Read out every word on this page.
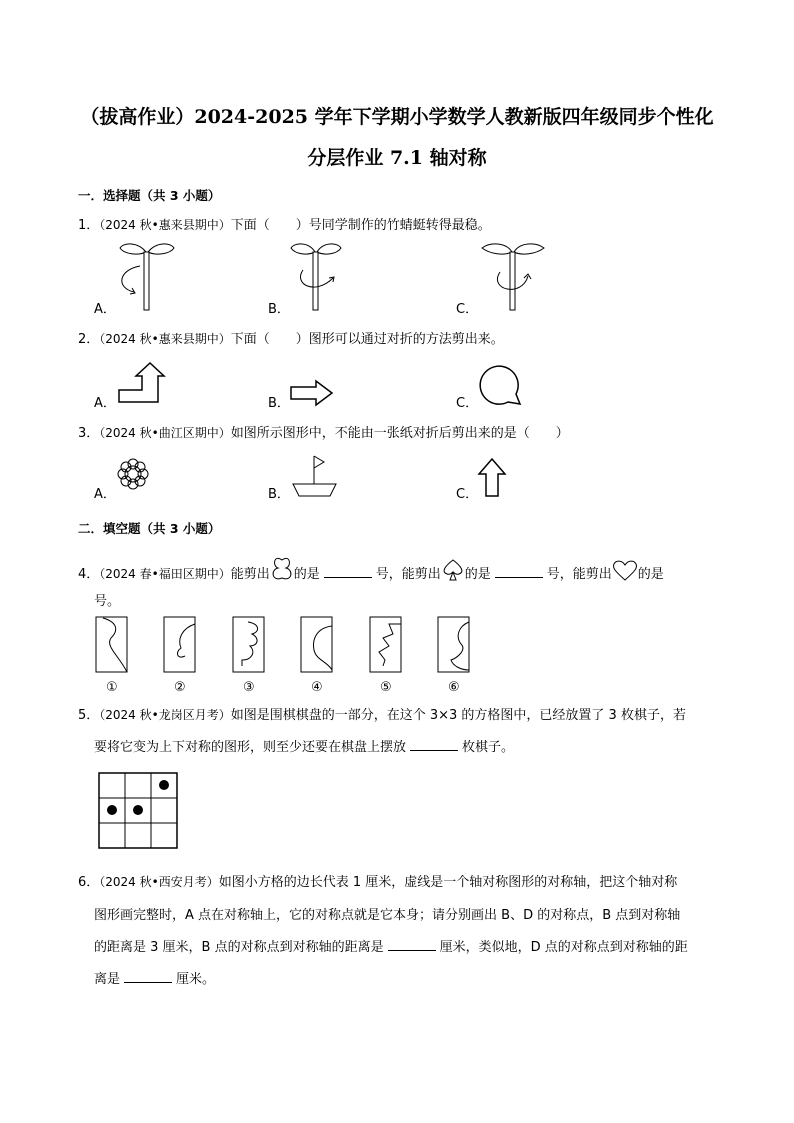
（拔高作业）2024-2025 学年下学期小学数学人教新版四年级同步个性化
分层作业 7.1 轴对称
一．选择题（共 3 小题）
1．（2024 秋•惠来县期中）下面（　　）号同学制作的竹蜻蜓转得最稳。
A．	B．	C．
2．（2024 秋•惠来县期中）下面（　　）图形可以通过对折的方法剪出来。
A．	B．	C．
3．（2024 秋•曲江区期中）如图所示图形中，不能由一张纸对折后剪出来的是（　　）
A．	B．	C．
二．填空题（共 3 小题）
4．（2024 春•福田区期中）能剪出 的是	号，能剪出 的是	号，能剪出 的是
号。
①	②	③	④	⑤	⑥
5．（2024 秋•龙岗区月考）如图是围棋棋盘的一部分，在这个 3×3 的方格图中，已经放置了 3 枚棋子，若
要将它变为上下对称的图形，则至少还要在棋盘上摆放	枚棋子。
6．（2024 秋•西安月考）如图小方格的边长代表 1 厘米，虚线是一个轴对称图形的对称轴，把这个轴对称
图形画完整时，A 点在对称轴上，它的对称点就是它本身；请分别画出 B、D 的对称点，B 点到对称轴
的距离是 3 厘米，B 点的对称点到对称轴的距离是	厘米，类似地，D 点的对称点到对称轴的距
离是	厘米。
